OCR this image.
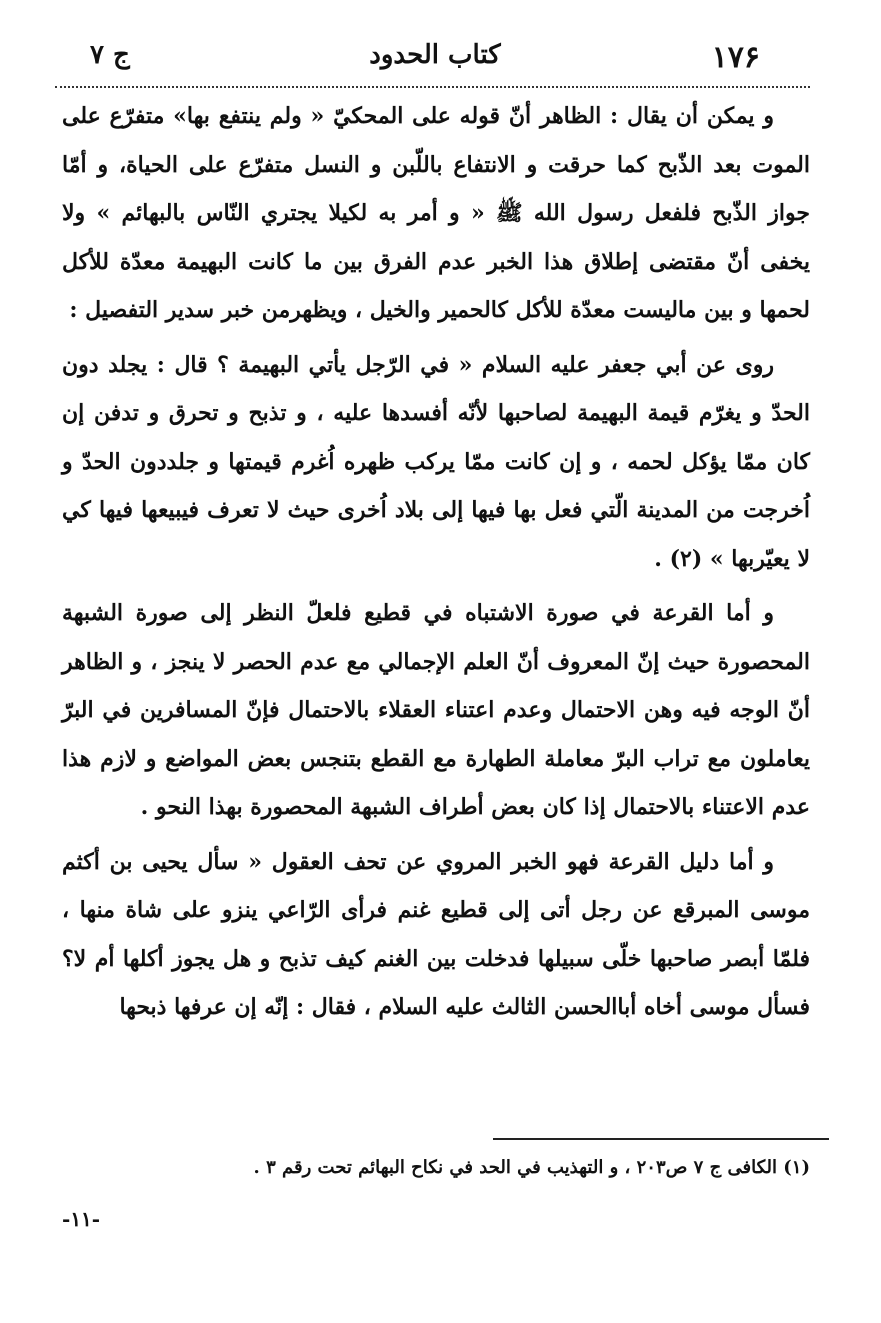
١٧۶
كتاب الحدود
ج ٧

و يمكن أن يقال : الظاهر أنّ قوله على المحكيّ « ولم ينتفع بها» متفرّع على الموت بعد الذّبح كما حرقت و الانتفاع باللّبن و النسل متفرّع على الحياة، و أمّا جواز الذّبح فلفعل رسول الله ﷺ « و أمر به لكيلا يجتري النّاس بالبهائم » ولا يخفى أنّ مقتضى إطلاق هذا الخبر عدم الفرق بين ما كانت البهيمة معدّة للأكل لحمها و بين ماليست معدّة للأكل كالحمير والخيل ، ويظهرمن خبر سدير التفصيل :

روى عن أبي جعفر عليه السلام « في الرّجل يأتي البهيمة ؟ قال : يجلد دون الحدّ و يغرّم قيمة البهيمة لصاحبها لأنّه أفسدها عليه ، و تذبح و تحرق و تدفن إن كان ممّا يؤكل لحمه ، و إن كانت ممّا يركب ظهره اُغرم قيمتها و جلددون الحدّ و اُخرجت من المدينة الّتي فعل بها فيها إلى بلاد اُخرى حيث لا تعرف فيبيعها فيها كي لا يعيّربها » (٢) .

و أما القرعة في صورة الاشتباه في قطيع فلعلّ النظر إلى صورة الشبهة المحصورة حيث إنّ المعروف أنّ العلم الإجمالي مع عدم الحصر لا ينجز ، و الظاهر أنّ الوجه فيه وهن الاحتمال وعدم اعتناء العقلاء بالاحتمال فإنّ المسافرين في البرّ يعاملون مع تراب البرّ معاملة الطهارة مع القطع بتنجس بعض المواضع و لازم هذا عدم الاعتناء بالاحتمال إذا كان بعض أطراف الشبهة المحصورة بهذا النحو .

و أما دليل القرعة فهو الخبر المروي عن تحف العقول « سأل يحيى بن أكثم موسى المبرقع عن رجل أتى إلى قطيع غنم فرأى الرّاعي ينزو على شاة منها ، فلمّا أبصر صاحبها خلّى سبيلها فدخلت بين الغنم كيف تذبح و هل يجوز أكلها أم لا؟ فسأل موسى أخاه أباالحسن الثالث عليه السلام ، فقال : إنّه إن عرفها ذبحها

(١) الكافى ج ٧ ص٢٠٣ ، و التهذيب في الحد في نكاح البهائم تحت رقم ٣ .
-١١-
